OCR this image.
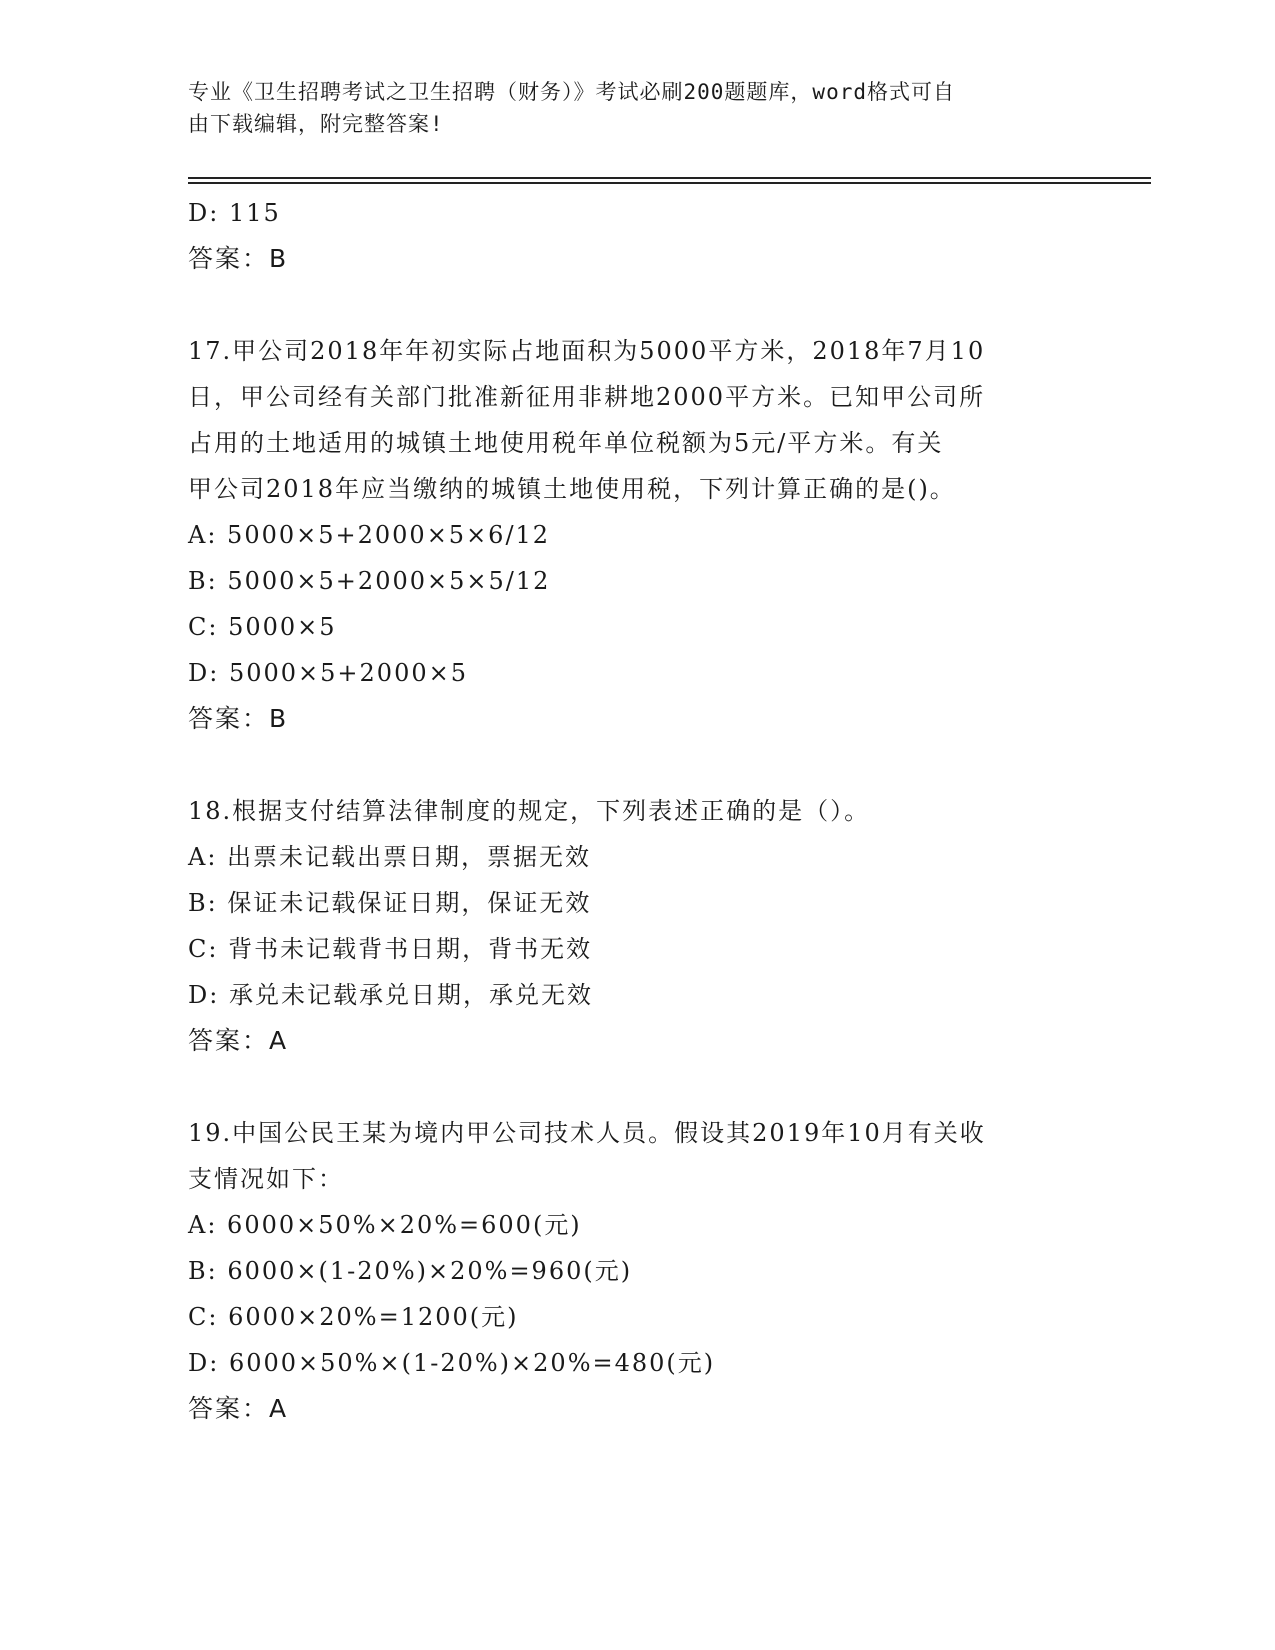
专业《卫生招聘考试之卫生招聘（财务）》考试必刷200题题库，word格式可自
由下载编辑，附完整答案!
D: 115
答案：B
17.甲公司2018年年初实际占地面积为5000平方米，2018年7月10
日，甲公司经有关部门批准新征用非耕地2000平方米。已知甲公司所
占用的土地适用的城镇土地使用税年单位税额为5元/平方米。有关
甲公司2018年应当缴纳的城镇土地使用税，下列计算正确的是()。
A: 5000×5+2000×5×6/12
B: 5000×5+2000×5×5/12
C: 5000×5
D: 5000×5+2000×5
答案：B
18.根据支付结算法律制度的规定，下列表述正确的是（）。
A: 出票未记载出票日期，票据无效
B: 保证未记载保证日期，保证无效
C: 背书未记载背书日期，背书无效
D: 承兑未记载承兑日期，承兑无效
答案：A
19.中国公民王某为境内甲公司技术人员。假设其2019年10月有关收
支情况如下：
A: 6000×50%×20%=600(元)
B: 6000×(1-20%)×20%=960(元)
C: 6000×20%=1200(元)
D: 6000×50%×(1-20%)×20%=480(元)
答案：A
